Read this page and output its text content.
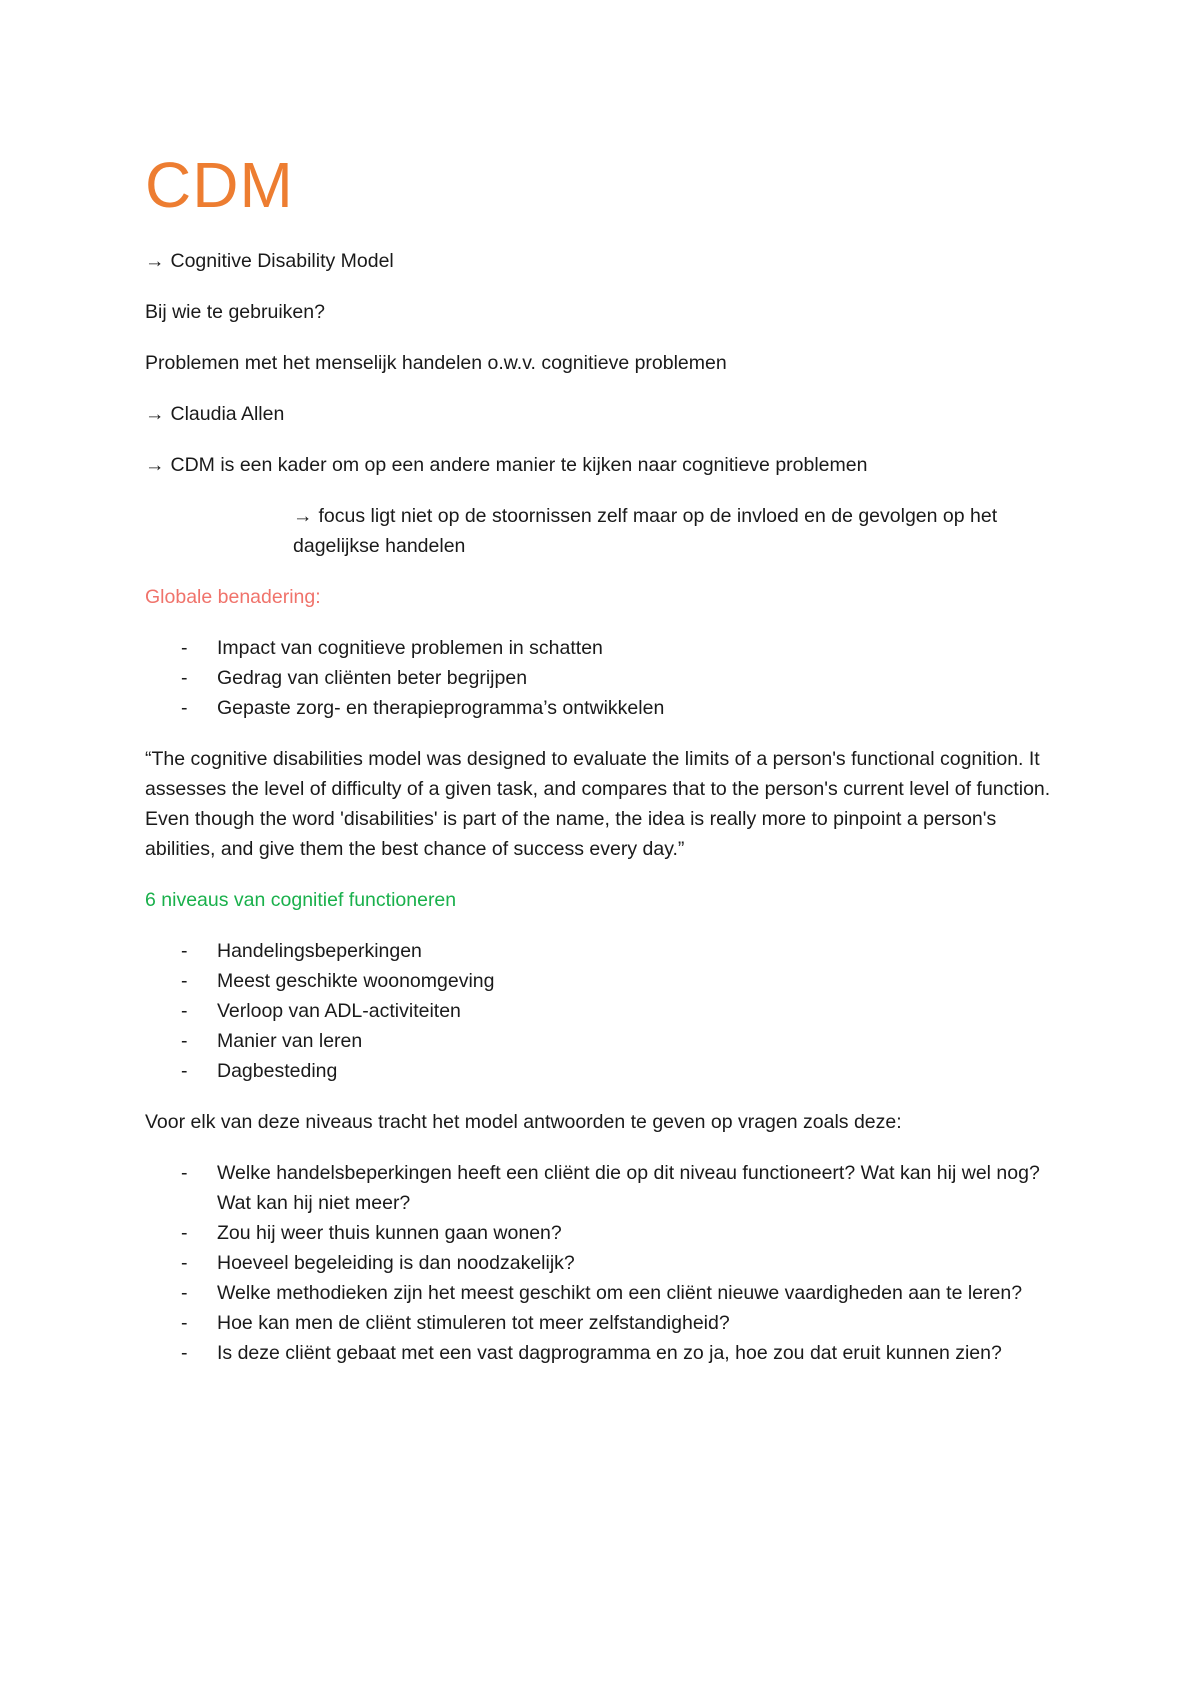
CDM

→ Cognitive Disability Model

Bij wie te gebruiken?

Problemen met het menselijk handelen o.w.v. cognitieve problemen

→ Claudia Allen

→ CDM is een kader om op een andere manier te kijken naar cognitieve problemen

→ focus ligt niet op de stoornissen zelf maar op de invloed en de gevolgen op het dagelijkse handelen

Globale benadering:

- Impact van cognitieve problemen in schatten
- Gedrag van cliënten beter begrijpen
- Gepaste zorg- en therapieprogramma’s ontwikkelen

“The cognitive disabilities model was designed to evaluate the limits of a person's functional cognition. It assesses the level of difficulty of a given task, and compares that to the person's current level of function. Even though the word 'disabilities' is part of the name, the idea is really more to pinpoint a person's abilities, and give them the best chance of success every day.”

6 niveaus van cognitief functioneren

- Handelingsbeperkingen
- Meest geschikte woonomgeving
- Verloop van ADL-activiteiten
- Manier van leren
- Dagbesteding

Voor elk van deze niveaus tracht het model antwoorden te geven op vragen zoals deze:

- Welke handelsbeperkingen heeft een cliënt die op dit niveau functioneert? Wat kan hij wel nog? Wat kan hij niet meer?
- Zou hij weer thuis kunnen gaan wonen?
- Hoeveel begeleiding is dan noodzakelijk?
- Welke methodieken zijn het meest geschikt om een cliënt nieuwe vaardigheden aan te leren?
- Hoe kan men de cliënt stimuleren tot meer zelfstandigheid?
- Is deze cliënt gebaat met een vast dagprogramma en zo ja, hoe zou dat eruit kunnen zien?
